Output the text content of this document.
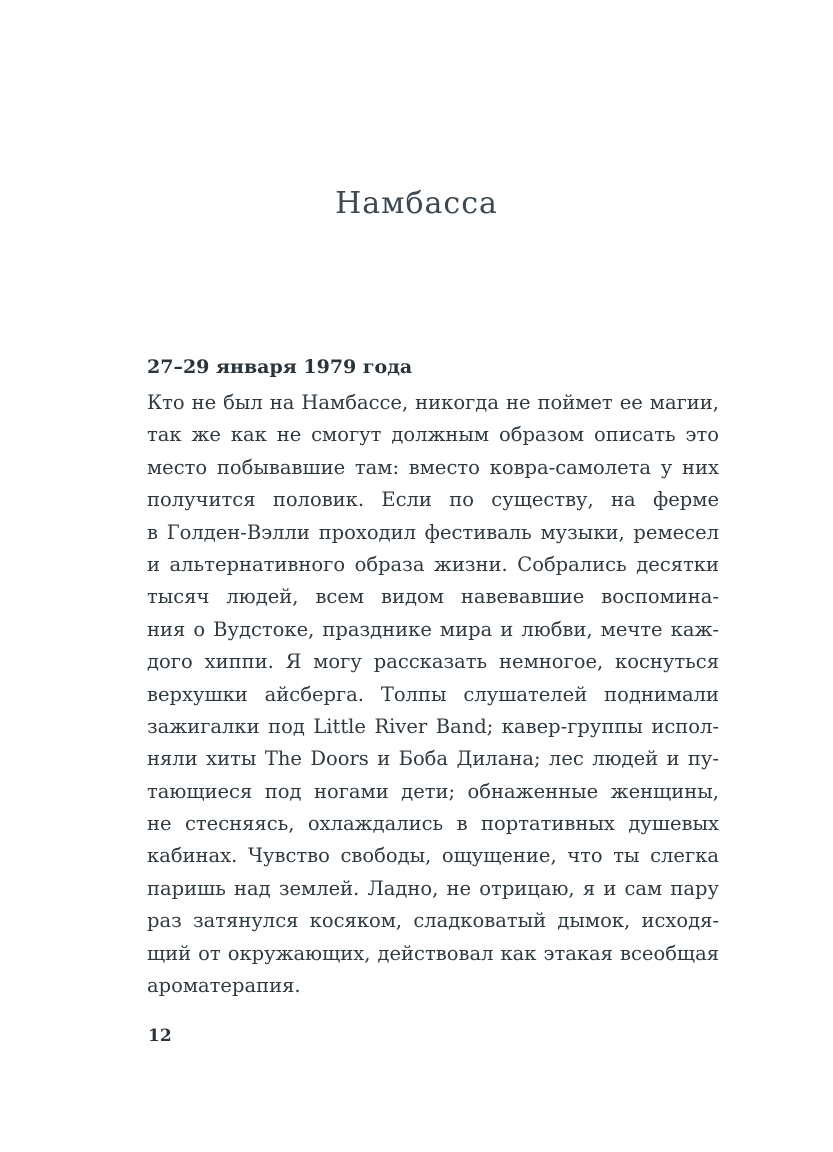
Намбасса

27–29 января 1979 года

Кто не был на Намбассе, никогда не поймет ее магии,
так же как не смогут должным образом описать это
место побывавшие там: вместо ковра-самолета у них
получится половик. Если по существу, на ферме
в Голден-Вэлли проходил фестиваль музыки, ремесел
и альтернативного образа жизни. Собрались десятки
тысяч людей, всем видом навевавшие воспомина-
ния о Вудстоке, празднике мира и любви, мечте каж-
дого хиппи. Я могу рассказать немногое, коснуться
верхушки айсберга. Толпы слушателей поднимали
зажигалки под Little River Band; кавер-группы испол-
няли хиты The Doors и Боба Дилана; лес людей и пу-
тающиеся под ногами дети; обнаженные женщины,
не стесняясь, охлаждались в портативных душевых
кабинах. Чувство свободы, ощущение, что ты слегка
паришь над землей. Ладно, не отрицаю, я и сам пару
раз затянулся косяком, сладковатый дымок, исходя-
щий от окружающих, действовал как этакая всеобщая
ароматерапия.

12
